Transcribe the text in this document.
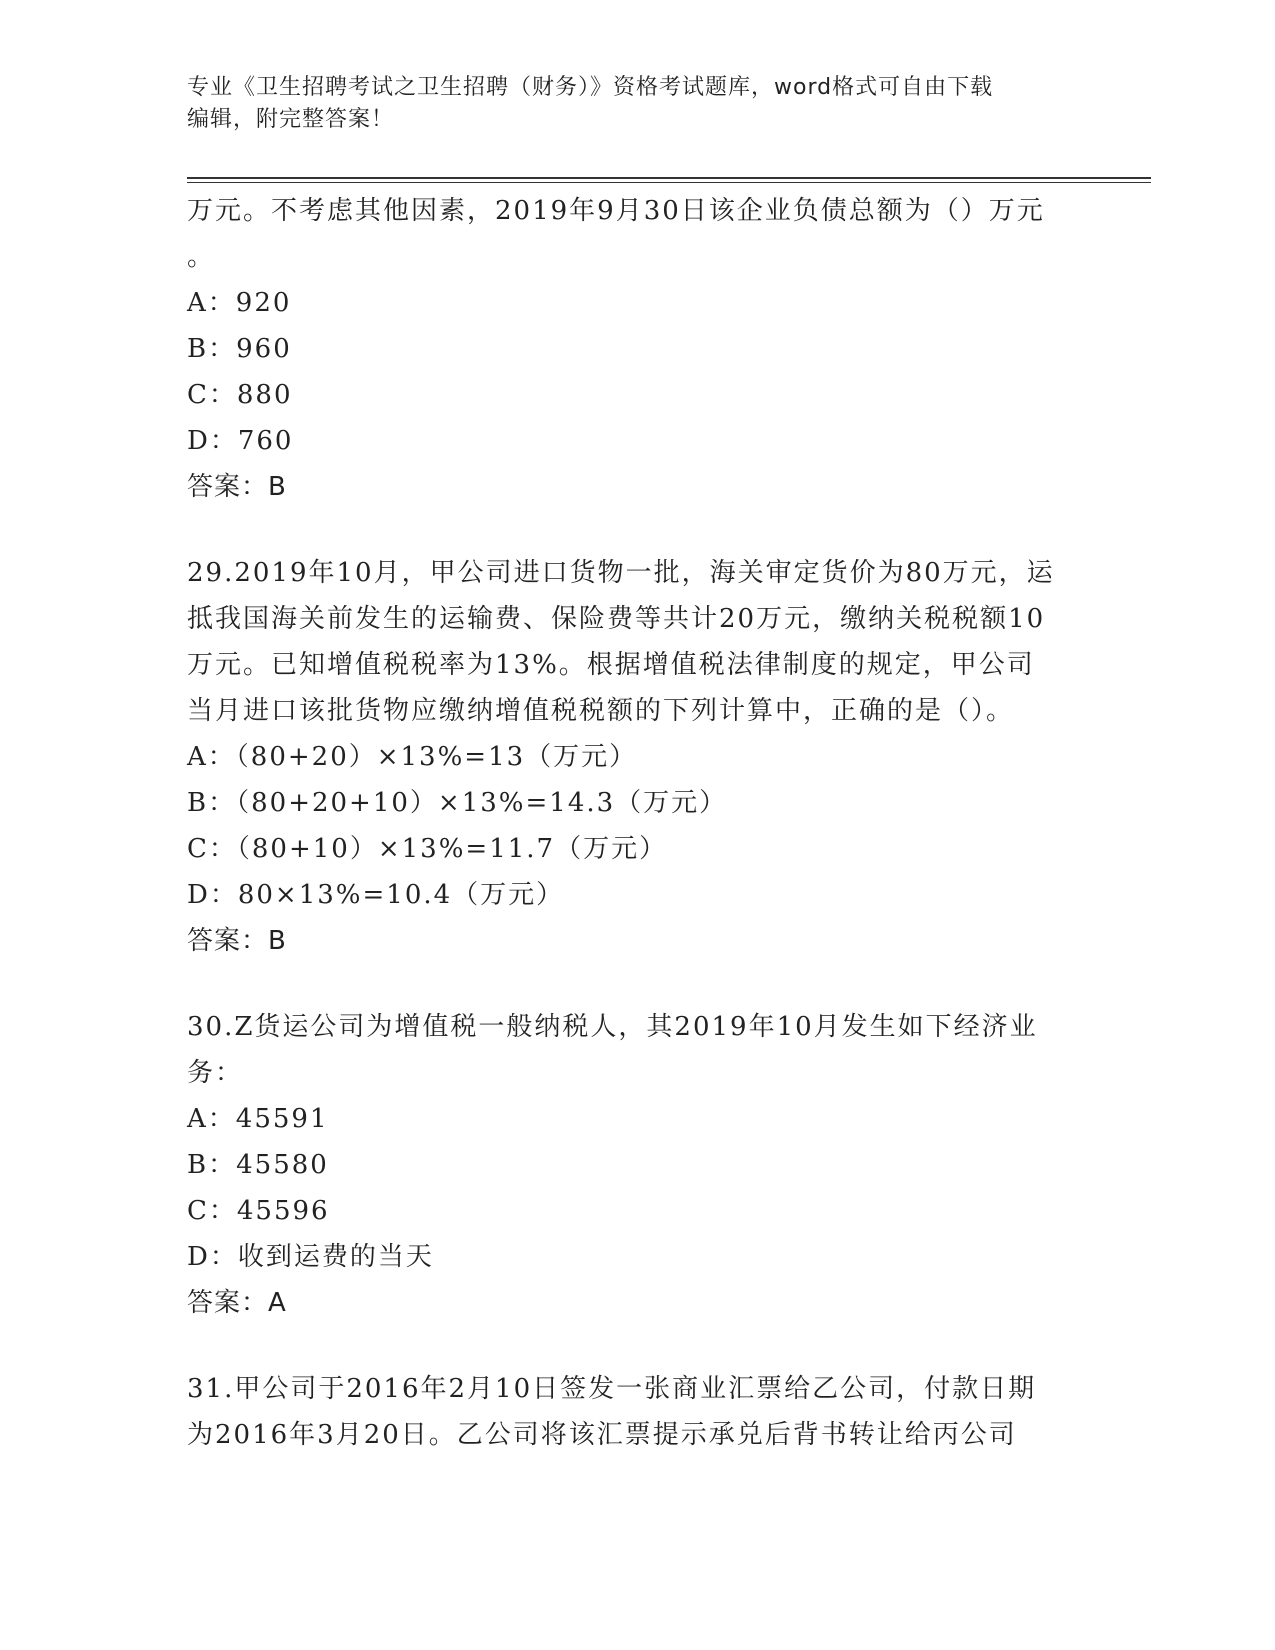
专业《卫生招聘考试之卫生招聘（财务）》资格考试题库，word格式可自由下载
编辑，附完整答案！
万元。不考虑其他因素，2019年9月30日该企业负债总额为（）万元
。
A：920
B：960
C：880
D：760
答案：B
29.2019年10月，甲公司进口货物一批，海关审定货价为80万元，运
抵我国海关前发生的运输费、保险费等共计20万元，缴纳关税税额10
万元。已知增值税税率为13%。根据增值税法律制度的规定，甲公司
当月进口该批货物应缴纳增值税税额的下列计算中，正确的是（）。
A：（80+20）×13%=13（万元）
B：（80+20+10）×13%=14.3（万元）
C：（80+10）×13%=11.7（万元）
D：80×13%=10.4（万元）
答案：B
30.Z货运公司为增值税一般纳税人，其2019年10月发生如下经济业
务：
A：45591
B：45580
C：45596
D：收到运费的当天
答案：A
31.甲公司于2016年2月10日签发一张商业汇票给乙公司，付款日期
为2016年3月20日。乙公司将该汇票提示承兑后背书转让给丙公司
